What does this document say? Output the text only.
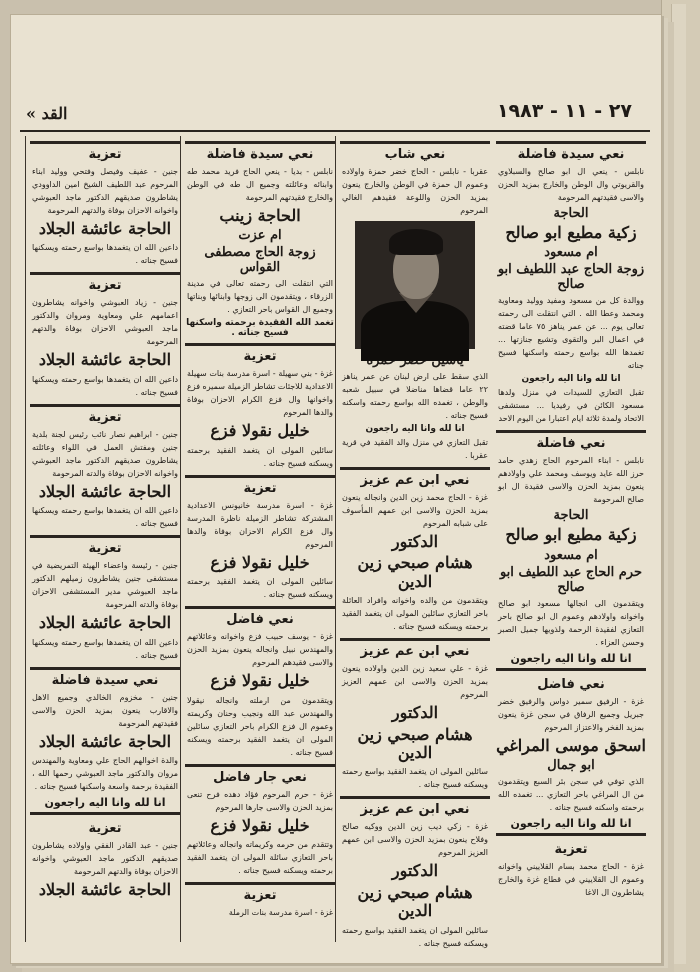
« القد	٢٧ - ١١ - ١٩٨٣
نعي سيدة فاضلة
نابلس - ينعي ال ابو صالح والسبلاوي والقريوتي وال الوطن والخارج بمزيد الحزن والاسى فقيدتهم المرحومة
الحاجة
زكية مطيع ابو صالح
ام مسعود
زوجة الحاج عبد اللطيف ابو صالح
ووالدة كل من مسعود ومفيد ووليد ومعاوية ومحمد وعطا الله . التي انتقلت الى رحمته تعالى يوم ... عن عمر يناهز ٧٥ عاما قضته في اعمال البر والتقوى وتشيع جنازتها ... تغمدها الله بواسع رحمته واسكنها فسيح جناته
انا لله وانا اليه راجعون
تقبل التعازي للسيدات في منزل ولدها مسعود الكائن في رفيديا ... مستشفى الاتحاد ولمدة ثلاثة ايام اعتبارا من اليوم الاحد
نعي فاضلة
نابلس - ابناء المرحوم الحاج زهدي حامد حرز الله عايد ويوسف ومحمد علي واولادهم ينعون بمزيد الحزن والاسى فقيدة ال ابو صالح المرحومة
الحاجة
زكية مطيع ابو صالح
ام مسعود
حرم الحاج عبد اللطيف ابو صالح
ويتقدمون الى انجالها مسعود ابو صالح واخوانه واولادهم وعموم ال ابو صالح باحر التعازي لفقيدة الرحمة ولذويها جميل الصبر وحسن العزاء .
انا لله وانا اليه راجعون
نعي فاضل
غزة - الرفيق سمير دواس والرفيق خضر جبريل وجميع الرفاق في سجن غزة ينعون بمزيد الفخر والاعتزاز المرحوم
اسحق موسى المراغي
ابو جمال
الذي توفي في سجن بئر السبع ويتقدمون من ال المراغي باحر التعازي ... تغمده الله برحمته واسكنه فسيح جناته .
انا لله وانا اليه راجعون
تعزية
غزة - الحاج محمد بسام القلاييني واخوانه وعموم ال القلاييني في قطاع غزة والخارج يشاطرون ال الاغا
نعي شاب
عقربا - نابلس - الحاج خضر حمزة واولاده وعموم ال حمزة في الوطن والخارج ينعون بمزيد الحزن واللوعة فقيدهم الغالي المرحوم
الذي سقط على ارض لبنان عن عمر يناهز ٢٢ عاما قضاها مناضلا في سبيل شعبه والوطن ، تغمده الله بواسع رحمته واسكنه فسيح جناته .
انا لله وانا اليه راجعون
تقبل التعازي في منزل والد الفقيد في قرية عقربا .
نعي ابن عم عزيز
غزة - الحاج محمد زين الدين وانجاله ينعون بمزيد الحزن والاسى ابن عمهم المأسوف على شبابه المرحوم
الدكتور
هشام صبحي زين الدين
ويتقدمون من والده واخوانه وافراد العائلة باحر التعازي سائلين المولى ان يتغمد الفقيد برحمته ويسكنه فسيح جناته .
نعي ابن عم عزيز
غزة - علي سعيد زين الدين واولاده ينعون بمزيد الحزن والاسى ابن عمهم العزيز المرحوم
الدكتور
هشام صبحي زين الدين
سائلين المولى ان يتغمد الفقيد بواسع رحمته ويسكنه فسيح جناته .
نعي ابن عم عزيز
غزة - زكي ديب زين الدين ووكيه صالح وفلاح ينعون بمزيد الحزن والاسى ابن عمهم العزيز المرحوم
الدكتور
هشام صبحي زين الدين
سائلين المولى ان يتغمد الفقيد بواسع رحمته ويسكنه فسيح جناته .
نعي سيدة فاضلة
نابلس - بديا - ينعي الحاج فريد محمد طه وابنائه وعائلته وجميع ال طه في الوطن والخارج فقيدتهم المرحومة
الحاجة زينب
ام عزت
زوجة الحاج مصطفى القواس
التي انتقلت الى رحمته تعالى في مدينة الزرقاء ، ويتقدمون الى زوجها وابنائها وبناتها وجميع ال القواس باحر التعازي .
تغمد الله الفقيدة برحمته واسكنها فسيح جناته .
تعزية
غزة - بني سهيلة - اسرة مدرسة بنات سهيلة الاعدادية للاجئات تشاطر الزميلة سميره فزع واخوانها وال فزع الكرام الاحزان بوفاة والدها المرحوم
خليل نقولا فزع
سائلين المولى ان يتغمد الفقيد برحمته ويسكنه فسيح جناته .
تعزية
غزة - اسرة مدرسة خانيونس الاعدادية المشتركة تشاطر الزميلة ناظرة المدرسة وال فزع الكرام الاحزان بوفاة والدها المرحوم
خليل نقولا فزع
سائلين المولى ان يتغمد الفقيد برحمته ويسكنه فسيح جناته .
نعي فاضل
غزة - يوسف حبيب فزع واخوانه وعائلاتهم والمهندس نبيل وانجاله ينعون بمزيد الحزن والاسى فقيدهم المرحوم
خليل نقولا فزع
ويتقدمون من ارملته وانجاله نيقولا والمهندس عبد الله ونجيب وحنان وكريمته وعموم ال فزع الكرام باحر التعازي سائلين المولى ان يتغمد الفقيد برحمته ويسكنه فسيح جناته .
نعي جار فاضل
غزة - حرم المرحوم فؤاد دهده فرح تنعى بمزيد الحزن والاسى جارها المرحوم
خليل نقولا فزع
وتتقدم من حرمه وكريماته وانجاله وعائلاتهم باحر التعازي سائلة المولى ان يتغمد الفقيد برحمته ويسكنه فسيح جناته .
تعزية
غزة - اسرة مدرسة بنات الرملة
تعزية
جنين - عفيف وفيصل وفتحي ووليد ابناء المرحوم عبد اللطيف الشيخ امين الداوودي يشاطرون صديقهم الدكتور ماجد العبوشي واخوانه الاحزان بوفاة والدتهم المرحومة
الحاجة عائشة الجلاد
داعين الله ان يتغمدها بواسع رحمته ويسكنها فسيح جناته .
تعزية
جنين - زياد العبوشي واخوانه يشاطرون اعمامهم علي ومعاوية ومروان والدكتور ماجد العبوشي الاحزان بوفاة والدتهم المرحومة
الحاجة عائشة الجلاد
داعين الله ان يتغمدها بواسع رحمته ويسكنها فسيح جناته .
تعزية
جنين - ابراهيم نصار نائب رئيس لجنة بلدية جنين ومفتش العمل في اللواء وعائلته يشاطرون صديقهم الدكتور ماجد العبوشي واخوانه الاحزان بوفاة والدته المرحومة
الحاجة عائشة الجلاد
داعين الله ان يتغمدها بواسع رحمته ويسكنها فسيح جناته .
تعزية
جنين - رئيسة واعضاء الهيئة التمريضية في مستشفى جنين يشاطرون زميلهم الدكتور ماجد العبوشي مدير المستشفى الاحزان بوفاة والدته المرحومة
الحاجة عائشة الجلاد
داعين الله ان يتغمدها بواسع رحمته ويسكنها فسيح جناته .
نعي سيدة فاضلة
جنين - مخزوم الخالدي وجميع الاهل والاقارب ينعون بمزيد الحزن والاسى فقيدتهم المرحومة
الحاجة عائشة الجلاد
والدة اخوالهم الحاج علي ومعاوية والمهندس مروان والدكتور ماجد العبوشي رحمها الله ، الفقيدة برحمة واسعة واسكنها فسيح جناته .
انا لله وانا اليه راجعون
تعزية
جنين - عبد القادر الفقي واولاده يشاطرون صديقهم الدكتور ماجد العبوشي واخوانه الاحزان بوفاة والدتهم المرحومة
الحاجة عائشة الجلاد
